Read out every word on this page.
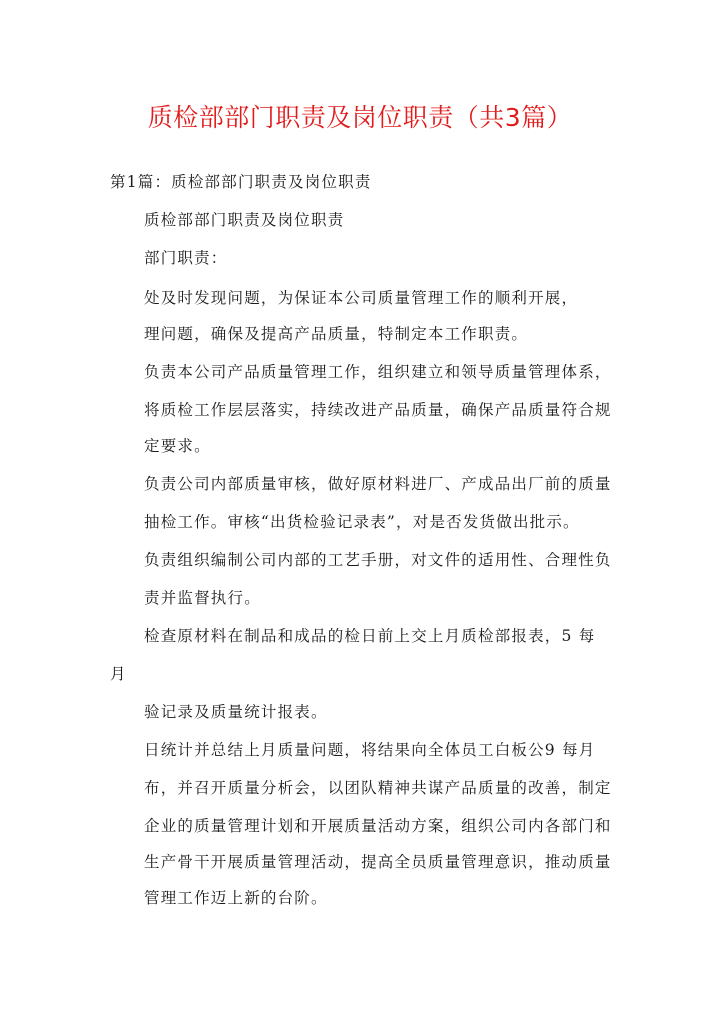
质检部部门职责及岗位职责（共3篇）
第1篇：质检部部门职责及岗位职责
质检部部门职责及岗位职责
部门职责：
处及时发现问题，为保证本公司质量管理工作的顺利开展，
理问题，确保及提高产品质量，特制定本工作职责。
负责本公司产品质量管理工作，组织建立和领导质量管理体系，
将质检工作层层落实，持续改进产品质量，确保产品质量符合规
定要求。
负责公司内部质量审核，做好原材料进厂、产成品出厂前的质量
抽检工作。审核“出货检验记录表”，对是否发货做出批示。
负责组织编制公司内部的工艺手册，对文件的适用性、合理性负
责并监督执行。
检查原材料在制品和成品的检日前上交上月质检部报表，5 每
月
验记录及质量统计报表。
日统计并总结上月质量问题，将结果向全体员工白板公9 每月
布，并召开质量分析会，以团队精神共谋产品质量的改善，制定
企业的质量管理计划和开展质量活动方案，组织公司内各部门和
生产骨干开展质量管理活动，提高全员质量管理意识，推动质量
管理工作迈上新的台阶。
